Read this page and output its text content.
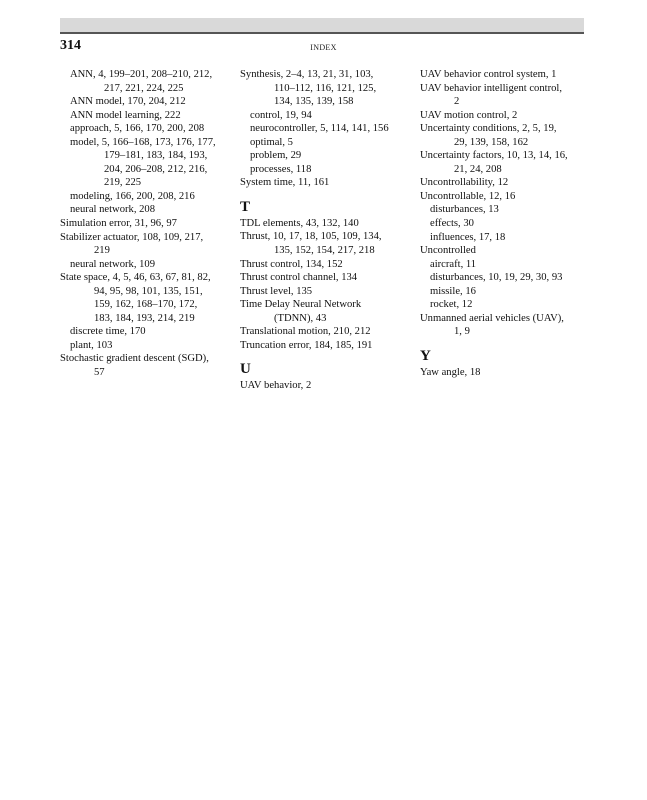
314	INDEX
ANN, 4, 199–201, 208–210, 212,
217, 221, 224, 225
ANN model, 170, 204, 212
ANN model learning, 222
approach, 5, 166, 170, 200, 208
model, 5, 166–168, 173, 176, 177,
179–181, 183, 184, 193,
204, 206–208, 212, 216,
219, 225
modeling, 166, 200, 208, 216
neural network, 208
Simulation error, 31, 96, 97
Stabilizer actuator, 108, 109, 217,
219
neural network, 109
State space, 4, 5, 46, 63, 67, 81, 82,
94, 95, 98, 101, 135, 151,
159, 162, 168–170, 172,
183, 184, 193, 214, 219
discrete time, 170
plant, 103
Stochastic gradient descent (SGD),
57
Synthesis, 2–4, 13, 21, 31, 103,
110–112, 116, 121, 125,
134, 135, 139, 158
control, 19, 94
neurocontroller, 5, 114, 141, 156
optimal, 5
problem, 29
processes, 118
System time, 11, 161
T
TDL elements, 43, 132, 140
Thrust, 10, 17, 18, 105, 109, 134,
135, 152, 154, 217, 218
Thrust control, 134, 152
Thrust control channel, 134
Thrust level, 135
Time Delay Neural Network
(TDNN), 43
Translational motion, 210, 212
Truncation error, 184, 185, 191
U
UAV behavior, 2
UAV behavior control system, 1
UAV behavior intelligent control,
2
UAV motion control, 2
Uncertainty conditions, 2, 5, 19,
29, 139, 158, 162
Uncertainty factors, 10, 13, 14, 16,
21, 24, 208
Uncontrollability, 12
Uncontrollable, 12, 16
disturbances, 13
effects, 30
influences, 17, 18
Uncontrolled
aircraft, 11
disturbances, 10, 19, 29, 30, 93
missile, 16
rocket, 12
Unmanned aerial vehicles (UAV),
1, 9
Y
Yaw angle, 18
